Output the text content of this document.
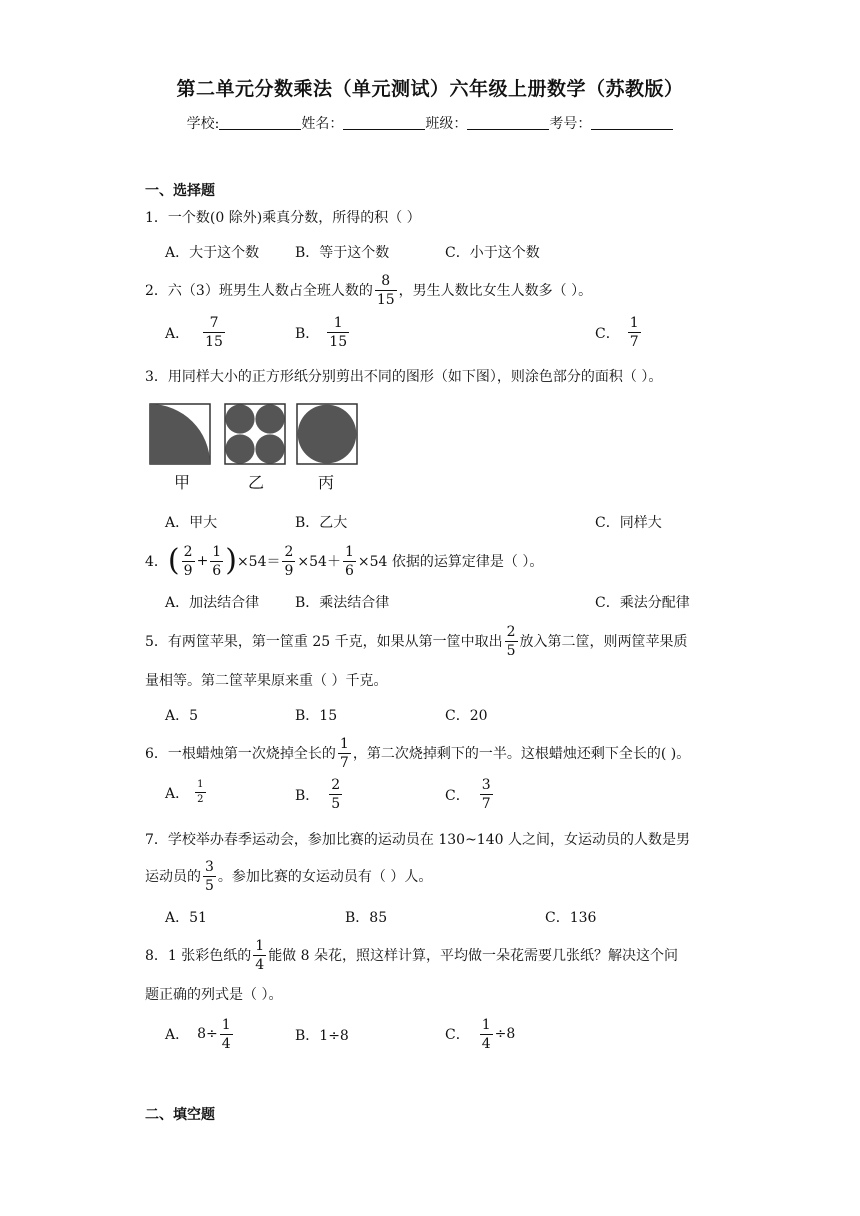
第二单元分数乘法（单元测试）六年级上册数学（苏教版）
学校:	姓名：	班级：	考号：
一、选择题
1．一个数(0 除外)乘真分数，所得的积（ ）
A．大于这个数	B．等于这个数	C．小于这个数
2．六（3）班男生人数占全班人数的 $\frac{8}{15}$ ，男生人数比女生人数多（ ）。
A． $\frac{7}{15}$	B． $\frac{1}{15}$	C． $\frac{1}{7}$
3．用同样大小的正方形纸分别剪出不同的图形（如下图），则涂色部分的面积（ ）。
甲	乙	丙
A．甲大	B．乙大	C．同样大
4． ( $\frac{2}{9} + \frac{1}{6}$ ) $\times 54= \frac{2}{9} \times 54+ \frac{1}{6} \times 54$ 依据的运算定律是（ ）。
A．加法结合律	B．乘法结合律	C．乘法分配律
5．有两筐苹果，第一筐重 25 千克，如果从第一筐中取出 $\frac{2}{5}$ 放入第二筐，则两筐苹果质
量相等。第二筐苹果原来重（ ）千克。
A．5	B．15	C．20
6．一根蜡烛第一次烧掉全长的 $\frac{1}{7}$ ，第二次烧掉剩下的一半。这根蜡烛还剩下全长的( )。
A． $\frac{1}{2}$	B． $\frac{2}{5}$	C． $\frac{3}{7}$
7．学校举办春季运动会，参加比赛的运动员在 130~140 人之间，女运动员的人数是男
运动员的 $\frac{3}{5}$ 。参加比赛的女运动员有（ ）人。
A．51	B．85	C．136
8．1 张彩色纸的 $\frac{1}{4}$ 能做 8 朵花，照这样计算，平均做一朵花需要几张纸？解决这个问
题正确的列式是（ ）。
A． $8\div \frac{1}{4}$	B．1÷8	C． $\frac{1}{4} \div 8$
二、填空题
